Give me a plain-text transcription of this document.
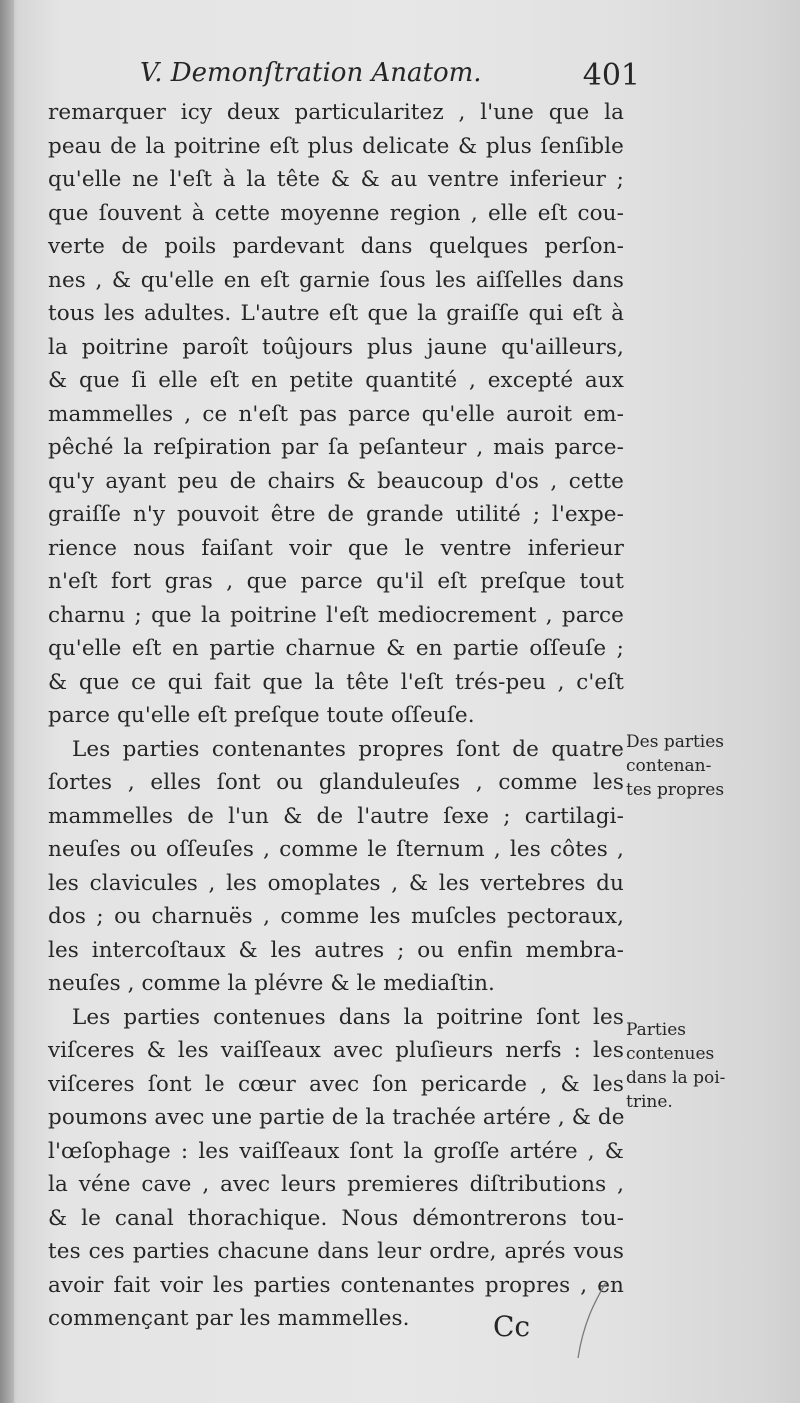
V. Demonſtration Anatom.	401
remarquer icy deux particularitez , l'une que la
peau de la poitrine eſt plus delicate & plus ſenſible
qu'elle ne l'eſt à la tête & & au ventre inferieur ;
que ſouvent à cette moyenne region , elle eſt cou-
verte de poils pardevant dans quelques perſon-
nes , & qu'elle en eſt garnie ſous les aiſſelles dans
tous les adultes. L'autre eſt que la graiſſe qui eſt à
la poitrine paroît toûjours plus jaune qu'ailleurs,
& que ſi elle eſt en petite quantité , excepté aux
mammelles , ce n'eſt pas parce qu'elle auroit em-
pêché la reſpiration par ſa peſanteur , mais parce-
qu'y ayant peu de chairs & beaucoup d'os , cette
graiſſe n'y pouvoit être de grande utilité ; l'expe-
rience nous faiſant voir que le ventre inferieur
n'eſt fort gras , que parce qu'il eſt preſque tout
charnu ; que la poitrine l'eſt mediocrement , parce
qu'elle eſt en partie charnue & en partie oſſeuſe ;
& que ce qui fait que la tête l'eſt trés-peu , c'eſt
parce qu'elle eſt preſque toute oſſeuſe.
Les parties contenantes propres ſont de quatre
ſortes , elles ſont ou glanduleuſes , comme les
mammelles de l'un & de l'autre ſexe ; cartilagi-
neuſes ou oſſeuſes , comme le ſternum , les côtes ,
les clavicules , les omoplates , & les vertebres du
dos ; ou charnuës , comme les muſcles pectoraux,
les intercoſtaux & les autres ; ou enfin membra-
neuſes , comme la plévre & le mediaſtin.
Les parties contenues dans la poitrine ſont les
viſceres & les vaiſſeaux avec pluſieurs nerfs : les
viſceres ſont le cœur avec ſon pericarde , & les
poumons avec une partie de la trachée artére , & de
l'œſophage : les vaiſſeaux ſont la groſſe artére , &
la véne cave , avec leurs premieres diſtributions ,
& le canal thorachique. Nous démontrerons tou-
tes ces parties chacune dans leur ordre, aprés vous
avoir fait voir les parties contenantes propres , en
commençant par les mammelles.
Des parties
contenan-
tes propres
Parties
contenues
dans la poi-
trine.
Cc
